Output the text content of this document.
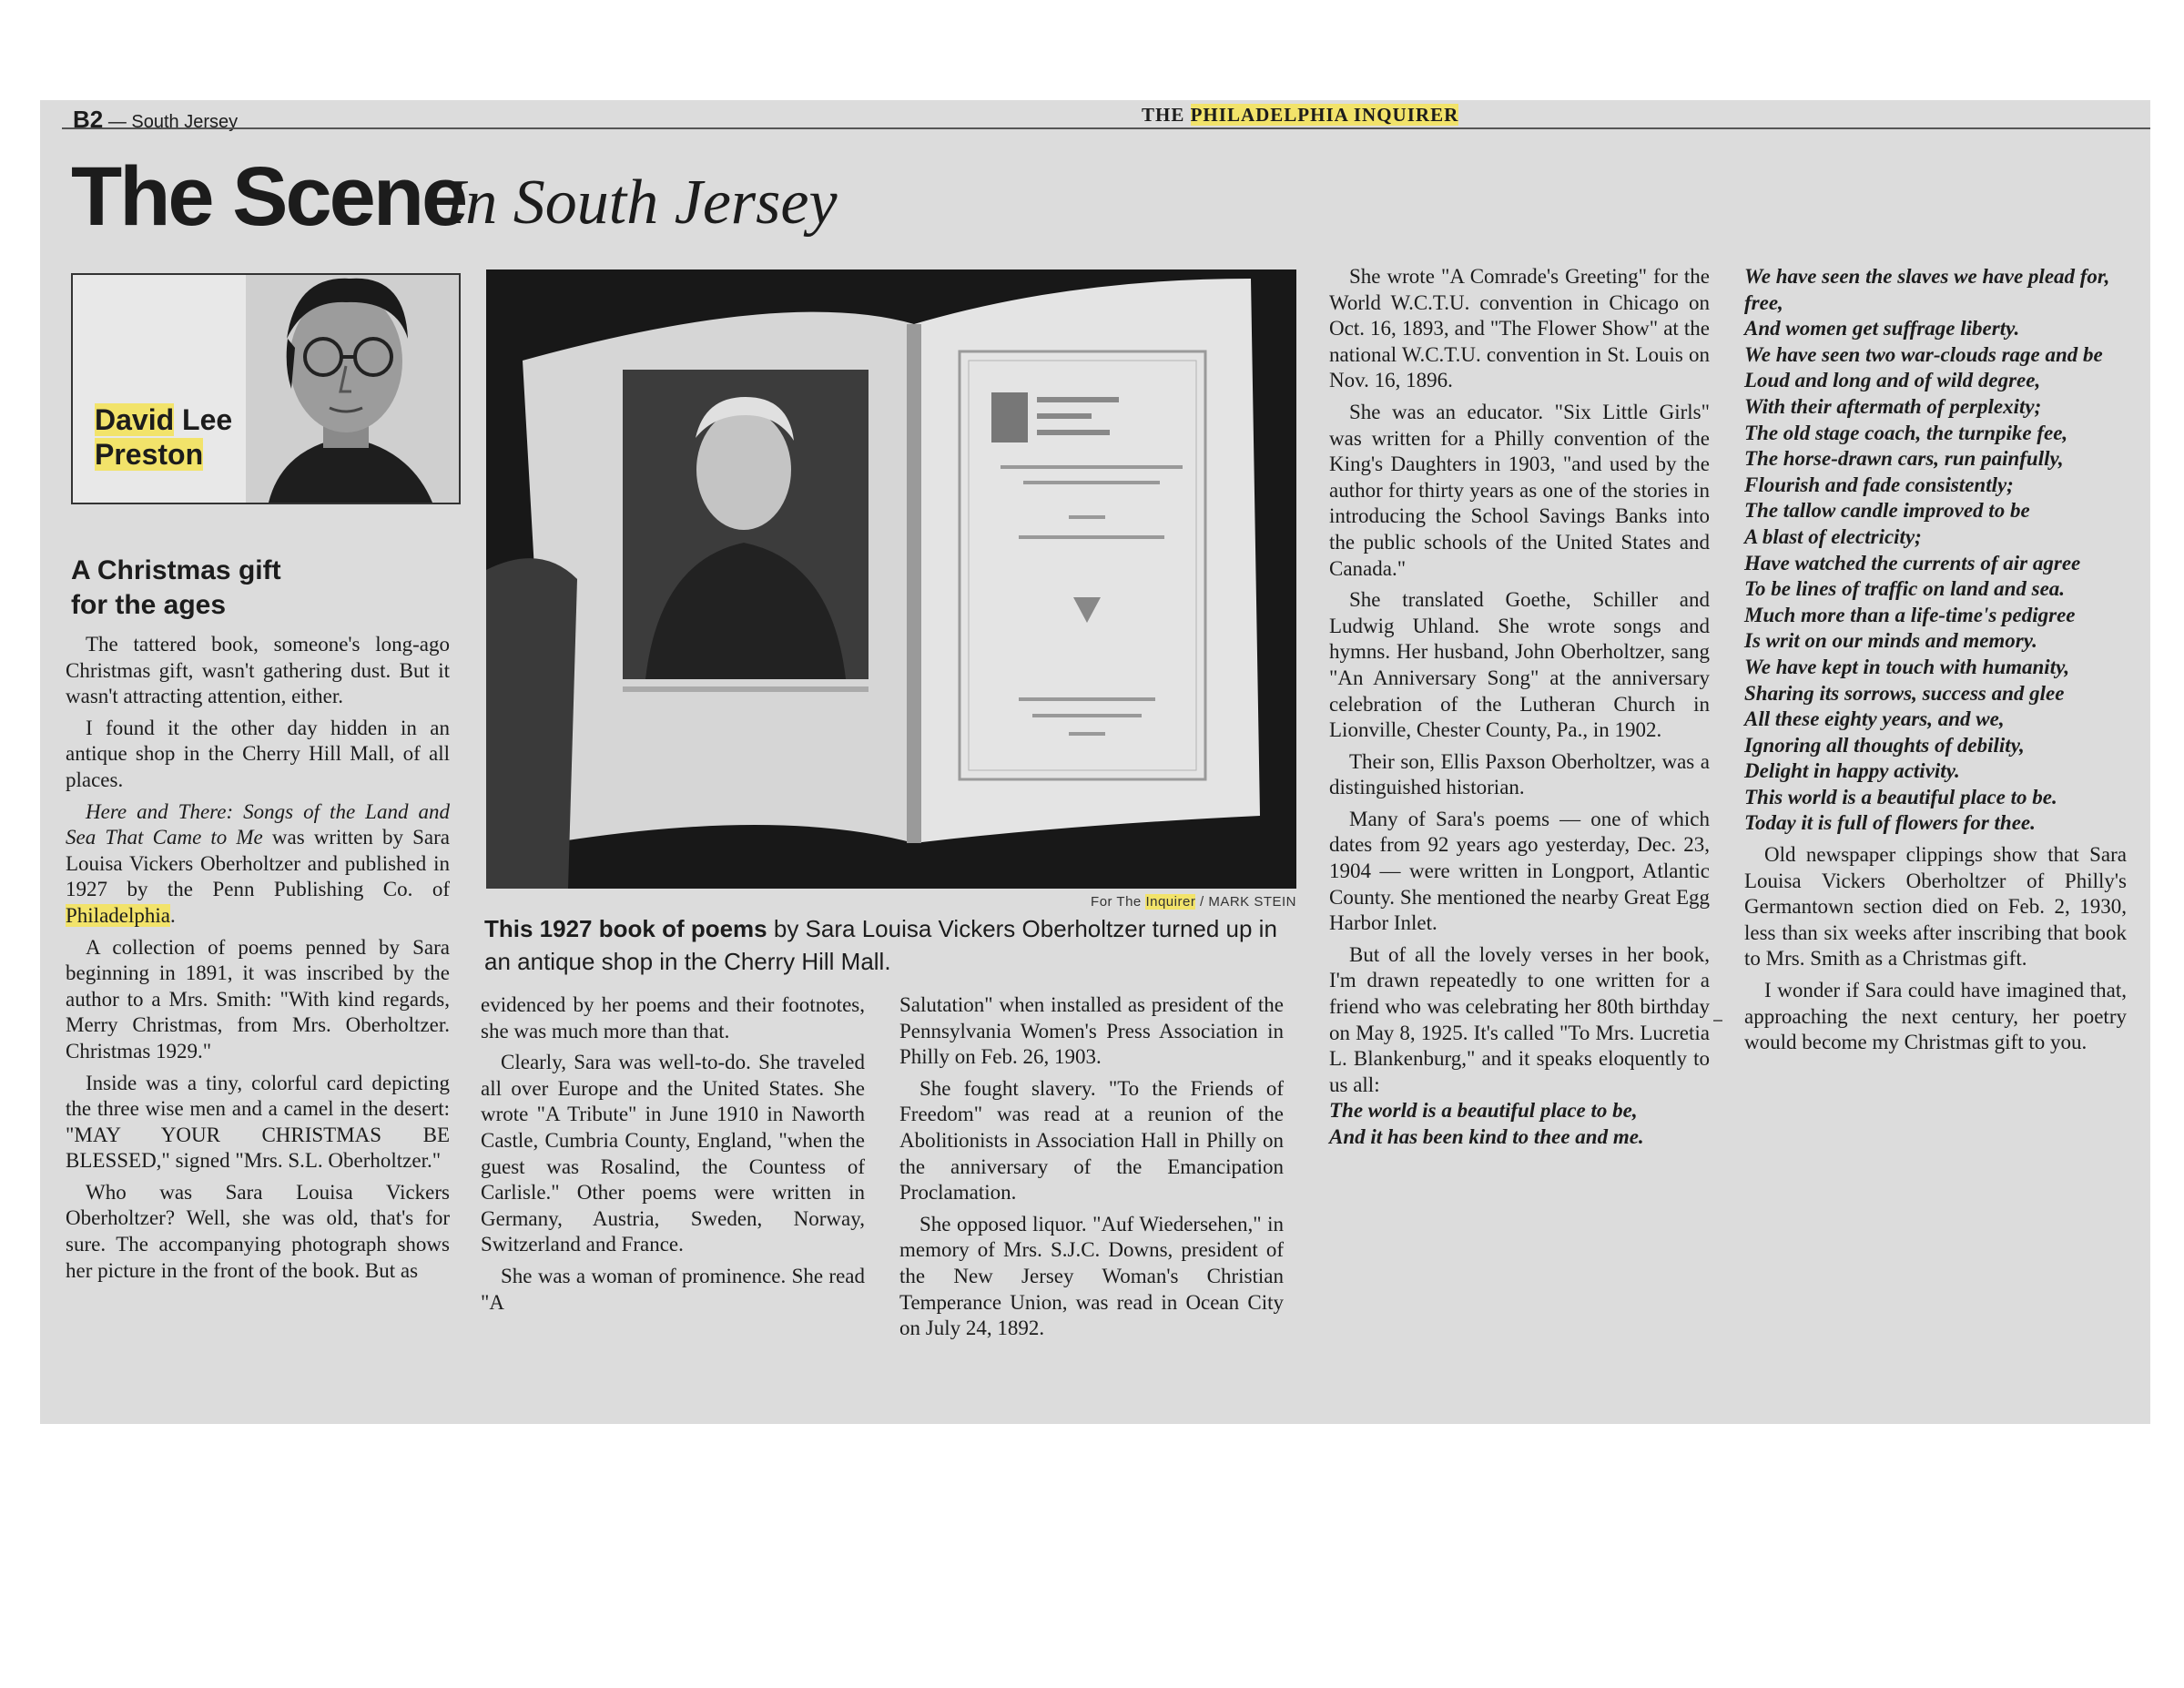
B2 — South Jersey	THE PHILADELPHIA INQUIRER
The Scene
In South Jersey
David Lee
Preston
A Christmas gift
for the ages

The tattered book, someone's long-ago Christmas gift, wasn't gathering dust. But it wasn't attracting attention, either.

I found it the other day hidden in an antique shop in the Cherry Hill Mall, of all places.

Here and There: Songs of the Land and Sea That Came to Me was written by Sara Louisa Vickers Oberholtzer and published in 1927 by the Penn Publishing Co. of Philadelphia.

A collection of poems penned by Sara beginning in 1891, it was inscribed by the author to a Mrs. Smith: "With kind regards, Merry Christmas, from Mrs. Oberholtzer. Christmas 1929."

Inside was a tiny, colorful card depicting the three wise men and a camel in the desert: "MAY YOUR CHRISTMAS BE BLESSED," signed "Mrs. S.L. Oberholtzer."

Who was Sara Louisa Vickers Oberholtzer? Well, she was old, that's for sure. The accompanying photograph shows her picture in the front of the book. But as

For The Inquirer / MARK STEIN
This 1927 book of poems by Sara Louisa Vickers Oberholtzer turned up in an antique shop in the Cherry Hill Mall.

evidenced by her poems and their footnotes, she was much more than that.

Clearly, Sara was well-to-do. She traveled all over Europe and the United States. She wrote "A Tribute" in June 1910 in Naworth Castle, Cumbria County, England, "when the guest was Rosalind, the Countess of Carlisle." Other poems were written in Germany, Austria, Sweden, Norway, Switzerland and France.

She was a woman of prominence. She read "A

Salutation" when installed as president of the Pennsylvania Women's Press Association in Philly on Feb. 26, 1903.

She fought slavery. "To the Friends of Freedom" was read at a reunion of the Abolitionists in Association Hall in Philly on the anniversary of the Emancipation Proclamation.

She opposed liquor. "Auf Wiedersehen," in memory of Mrs. S.J.C. Downs, president of the New Jersey Woman's Christian Temperance Union, was read in Ocean City on July 24, 1892.

She wrote "A Comrade's Greeting" for the World W.C.T.U. convention in Chicago on Oct. 16, 1893, and "The Flower Show" at the national W.C.T.U. convention in St. Louis on Nov. 16, 1896.

She was an educator. "Six Little Girls" was written for a Philly convention of the King's Daughters in 1903, "and used by the author for thirty years as one of the stories in introducing the School Savings Banks into the public schools of the United States and Canada."

She translated Goethe, Schiller and Ludwig Uhland. She wrote songs and hymns. Her husband, John Oberholtzer, sang "An Anniversary Song" at the anniversary celebration of the Lutheran Church in Lionville, Chester County, Pa., in 1902.

Their son, Ellis Paxson Oberholtzer, was a distinguished historian.

Many of Sara's poems — one of which dates from 92 years ago yesterday, Dec. 23, 1904 — were written in Longport, Atlantic County. She mentioned the nearby Great Egg Harbor Inlet.

But of all the lovely verses in her book, I'm drawn repeatedly to one written for a friend who was celebrating her 80th birthday on May 8, 1925. It's called "To Mrs. Lucretia L. Blankenburg," and it speaks eloquently to us all:

The world is a beautiful place to be,

And it has been kind to thee and me.

We have seen the slaves we have plead for, free,

And women get suffrage liberty.

We have seen two war-clouds rage and be

Loud and long and of wild degree,

With their aftermath of perplexity;

The old stage coach, the turnpike fee,

The horse-drawn cars, run painfully,

Flourish and fade consistently;

The tallow candle improved to be

A blast of electricity;

Have watched the currents of air agree

To be lines of traffic on land and sea.

Much more than a life-time's pedigree

Is writ on our minds and memory.

We have kept in touch with humanity,

Sharing its sorrows, success and glee

All these eighty years, and we,

Ignoring all thoughts of debility,

Delight in happy activity.

This world is a beautiful place to be.

Today it is full of flowers for thee.

Old newspaper clippings show that Sara Louisa Vickers Oberholtzer of Philly's Germantown section died on Feb. 2, 1930, less than six weeks after inscribing that book to Mrs. Smith as a Christmas gift.

I wonder if Sara could have imagined that, approaching the next century, her poetry would become my Christmas gift to you.
